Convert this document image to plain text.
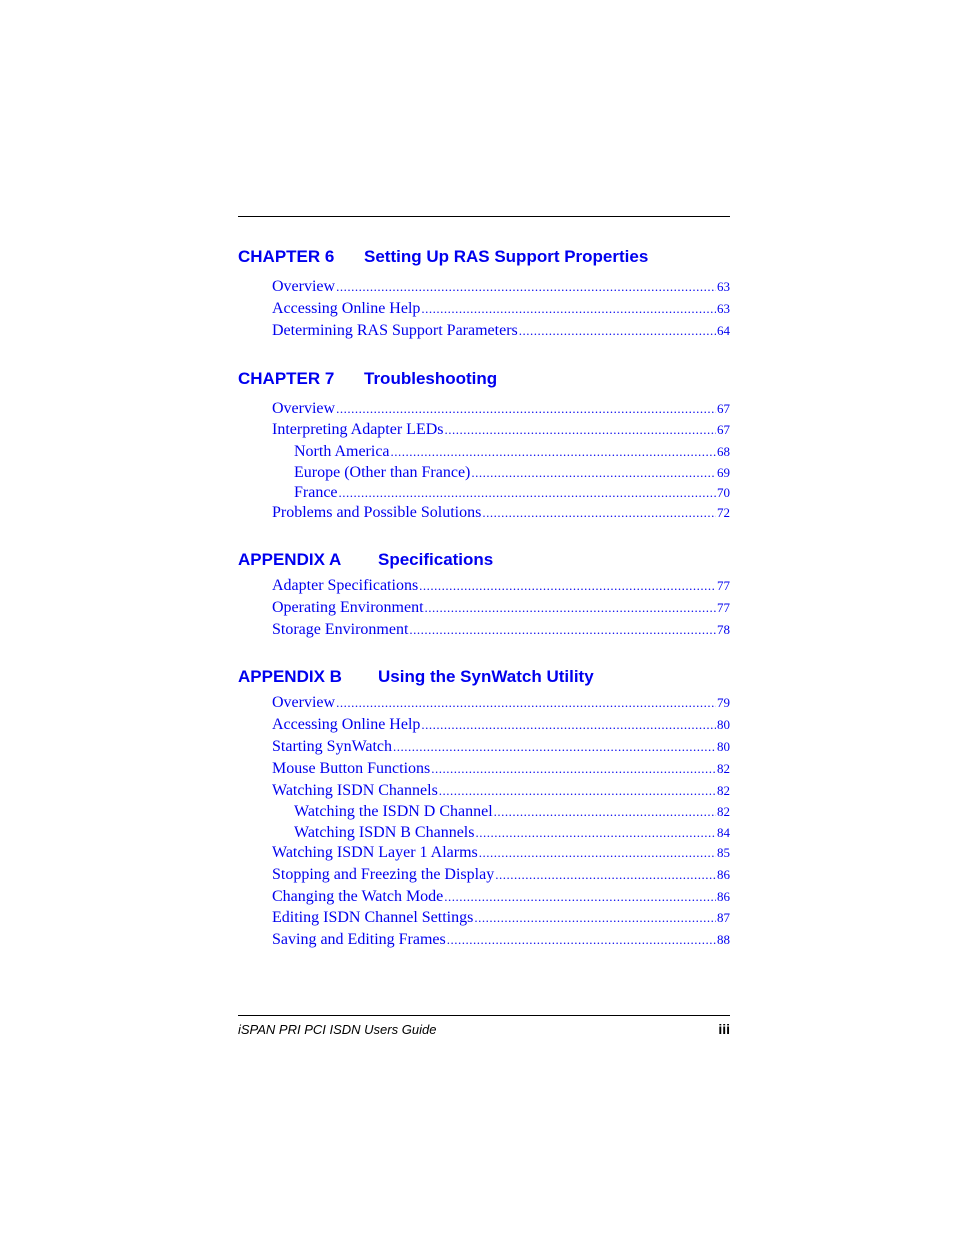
CHAPTER 6 Setting Up RAS Support Properties
Overview .....	63
Accessing Online Help .....	63
Determining RAS Support Parameters .....	64
CHAPTER 7 Troubleshooting
Overview .....	67
Interpreting Adapter LEDs .....	67
North America .....	68
Europe (Other than France) .....	69
France .....	70
Problems and Possible Solutions .....	72
APPENDIX A Specifications
Adapter Specifications .....	77
Operating Environment .....	77
Storage Environment .....	78
APPENDIX B Using the SynWatch Utility
Overview .....	79
Accessing Online Help .....	80
Starting SynWatch .....	80
Mouse Button Functions .....	82
Watching ISDN Channels .....	82
Watching the ISDN D Channel .....	82
Watching ISDN B Channels .....	84
Watching ISDN Layer 1 Alarms .....	85
Stopping and Freezing the Display .....	86
Changing the Watch Mode .....	86
Editing ISDN Channel Settings .....	87
Saving and Editing Frames .....	88
iSPAN PRI PCI ISDN Users Guide	iii
